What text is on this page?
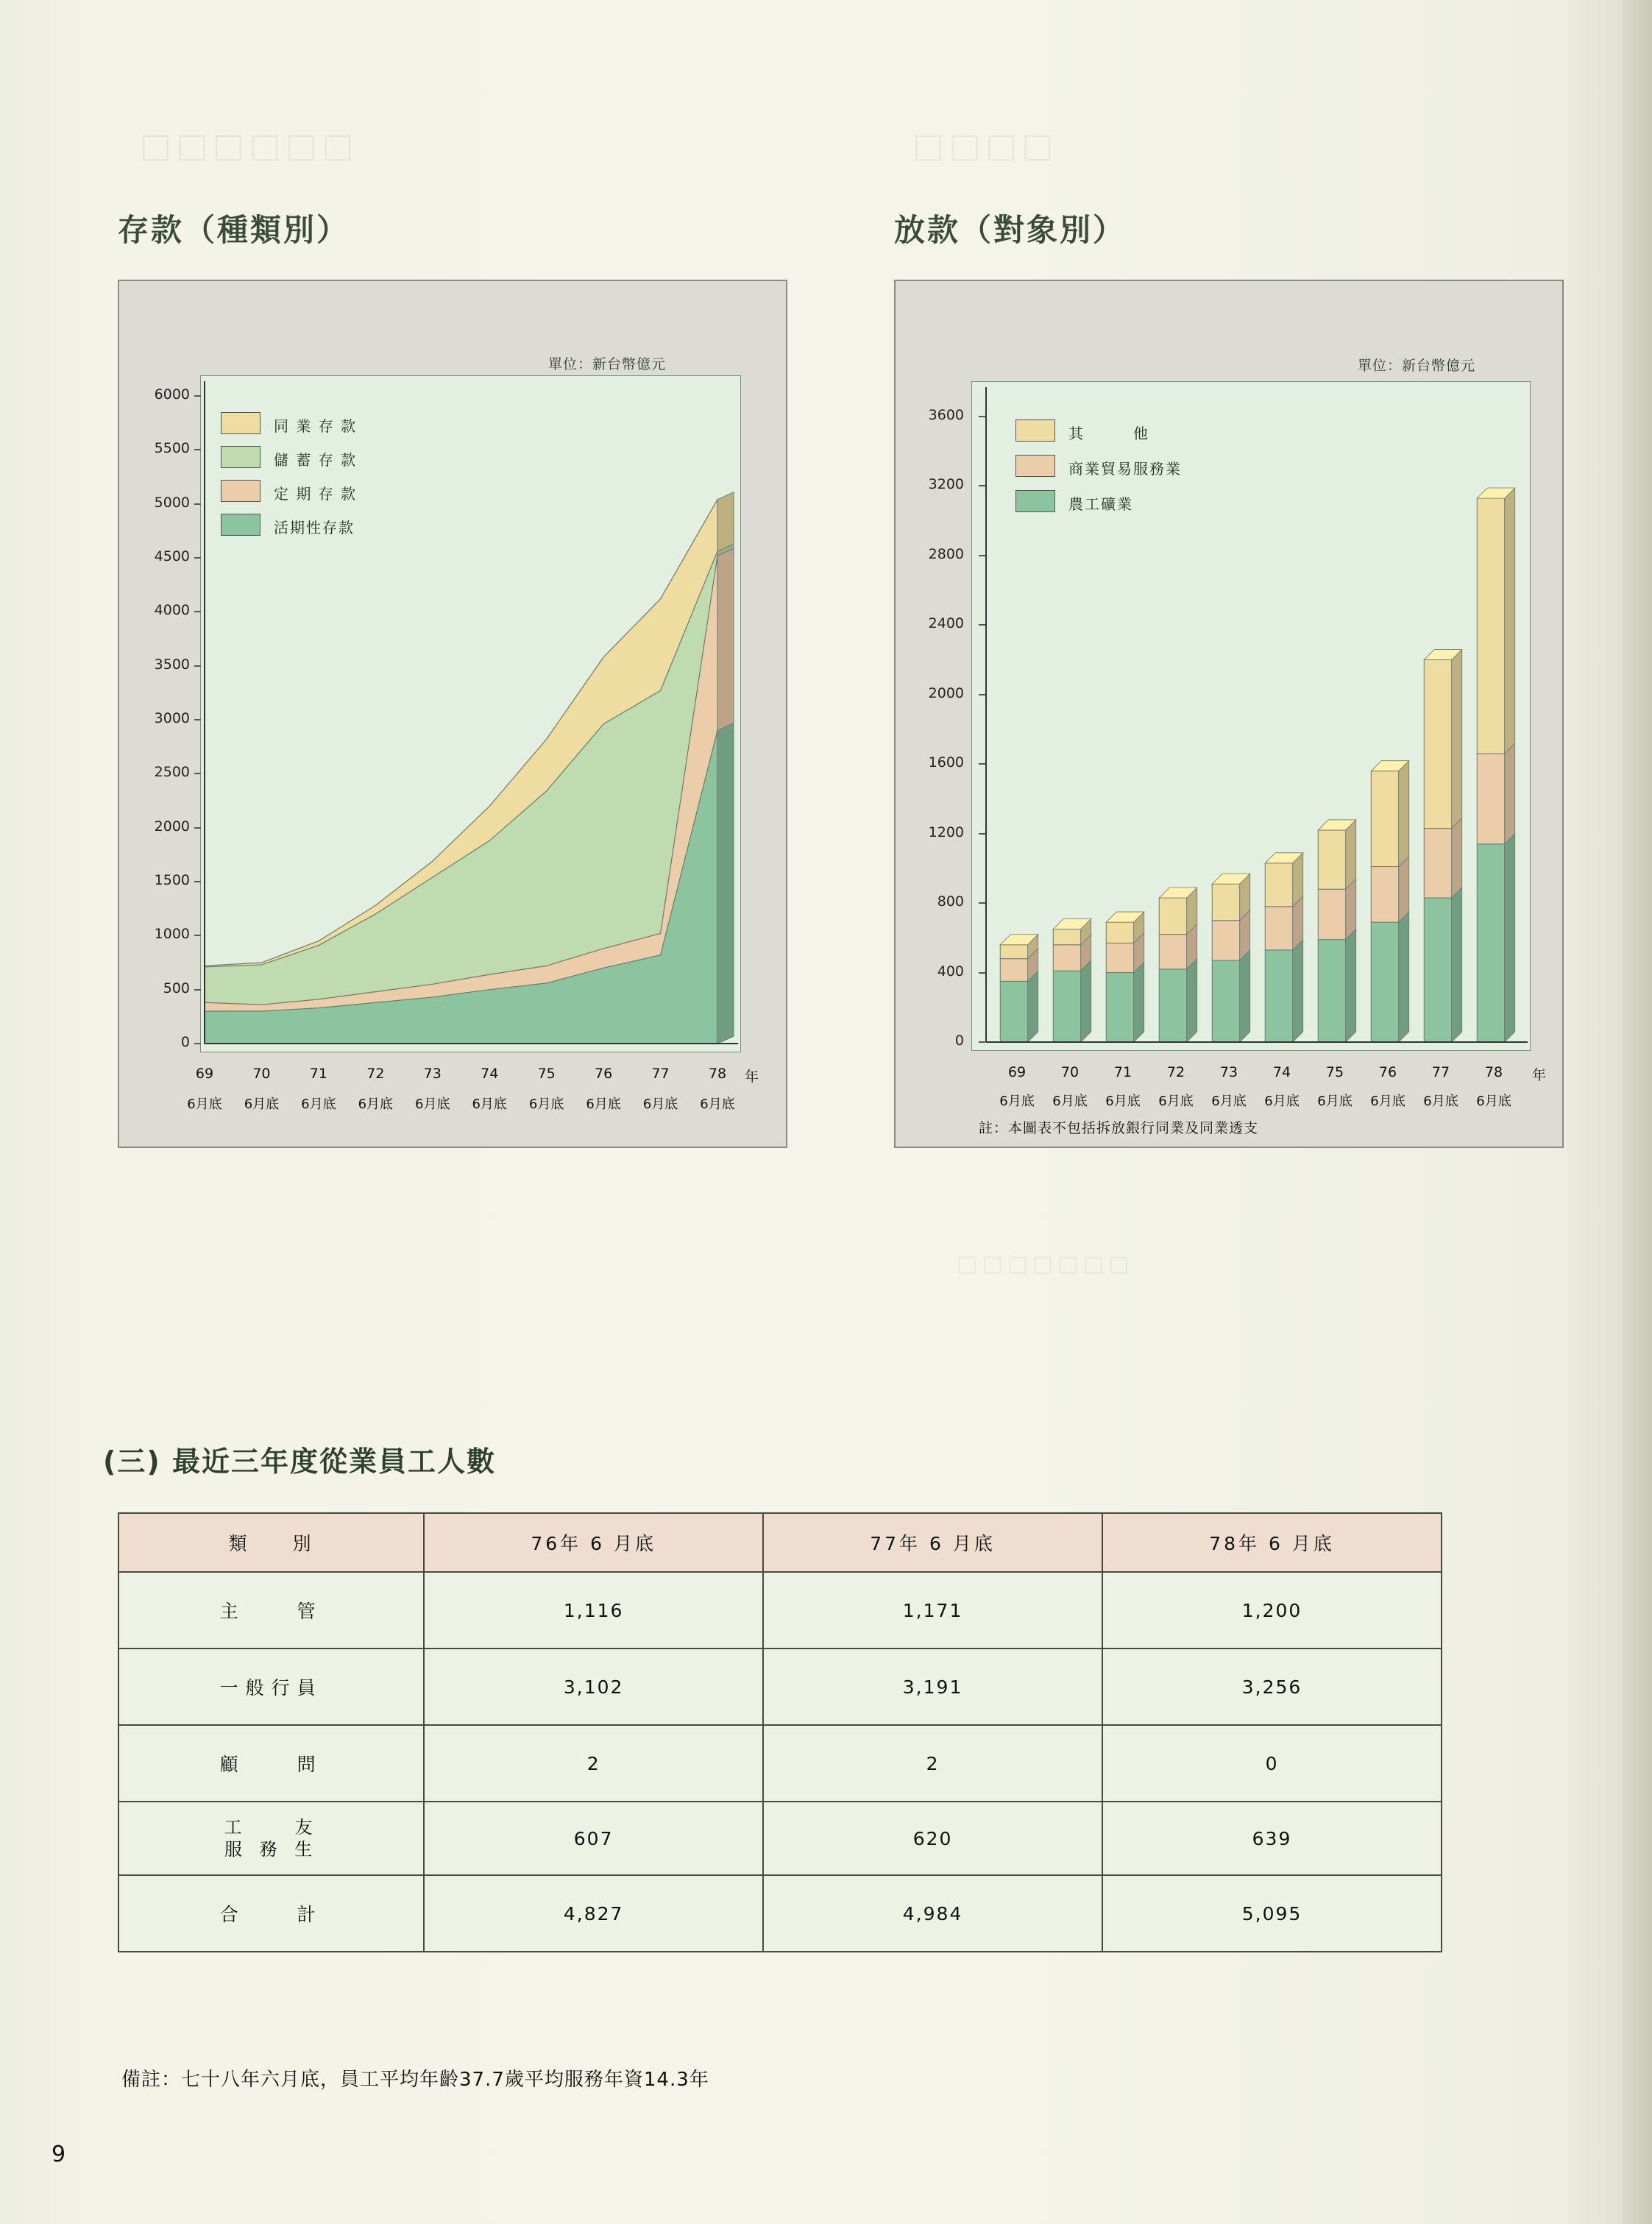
存款（種類別）
單位：新台幣億元
0
500
1000
1500
2000
2500
3000
3500
4000
4500
5000
5500
6000
69
6月底
70
6月底
71
6月底
72
6月底
73
6月底
74
6月底
75
6月底
76
6月底
77
6月底
78
6月底
同 業 存 款
儲 蓄 存 款
定 期 存 款
活期性存款
年
放款（對象別）
單位：新台幣億元
0
400
800
1200
1600
2000
2400
2800
3200
3600
69
6月底
70
6月底
71
6月底
72
6月底
73
6月底
74
6月底
75
6月底
76
6月底
77
6月底
78
6月底
其　　　他
商業貿易服務業
農工礦業
年
註：本圖表不包括拆放銀行同業及同業透支
(三) 最近三年度從業員工人數
類　　別	76年 6 月底	77年 6 月底	78年 6 月底
主　　管	1,116	1,171	1,200
一般行員	3,102	3,191	3,256
顧　　問	2	2	0

工　　友
服 務 生	607	620	639
合　　計	4,827	4,984	5,095
備註：七十八年六月底，員工平均年齡37.7歲平均服務年資14.3年
9
